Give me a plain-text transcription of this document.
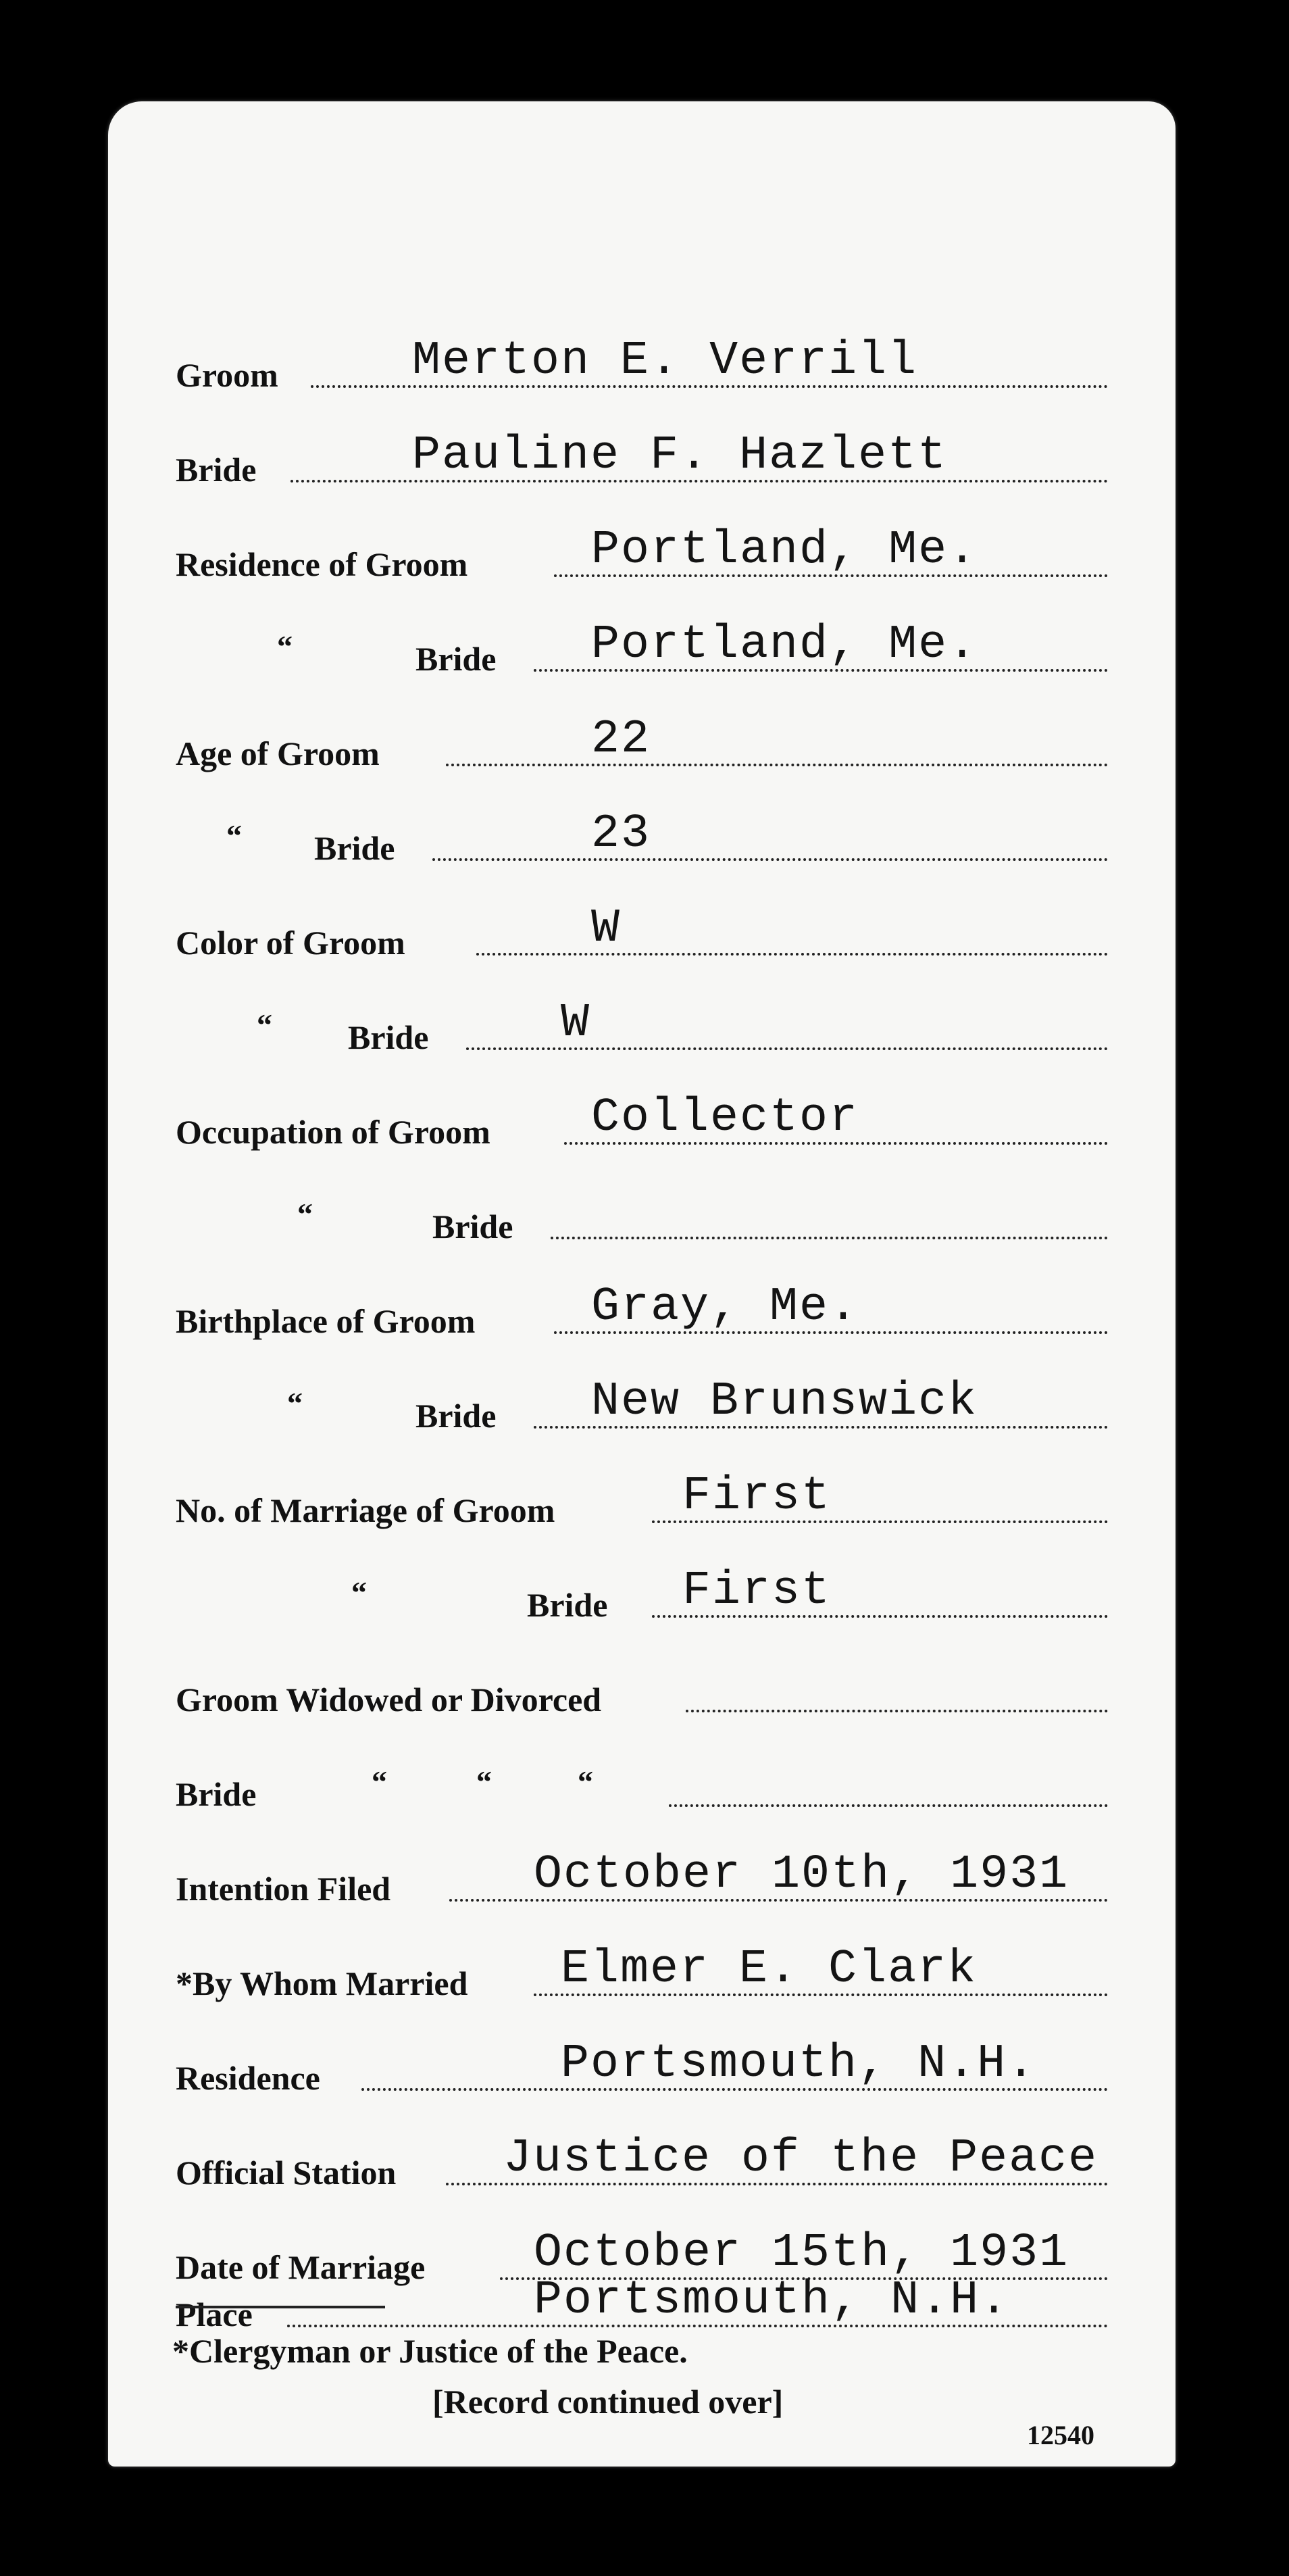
Groom	Merton E. Verrill
Bride	Pauline F. Hazlett
Residence of Groom	Portland, Me.
“	Bride Portland, Me.
Age of Groom	22
“ Bride	23
Color of Groom	W
“ Bride	W
Occupation of Groom Collector
“	Bride
Birthplace of Groom Gray, Me.
“	Bride New Brunswick
No. of Marriage of Groom	First
“	Bride First
Groom Widowed or Divorced
Bride	“	“	“
Intention Filed	October 10th, 1931
*By Whom Married Elmer E. Clark
Residence	Portsmouth, N.H.
Official Station Justice of the Peace
Date of Marriage October 15th, 1931
Place	Portsmouth, N.H.
*Clergyman or Justice of the Peace.
[Record continued over]
12540
